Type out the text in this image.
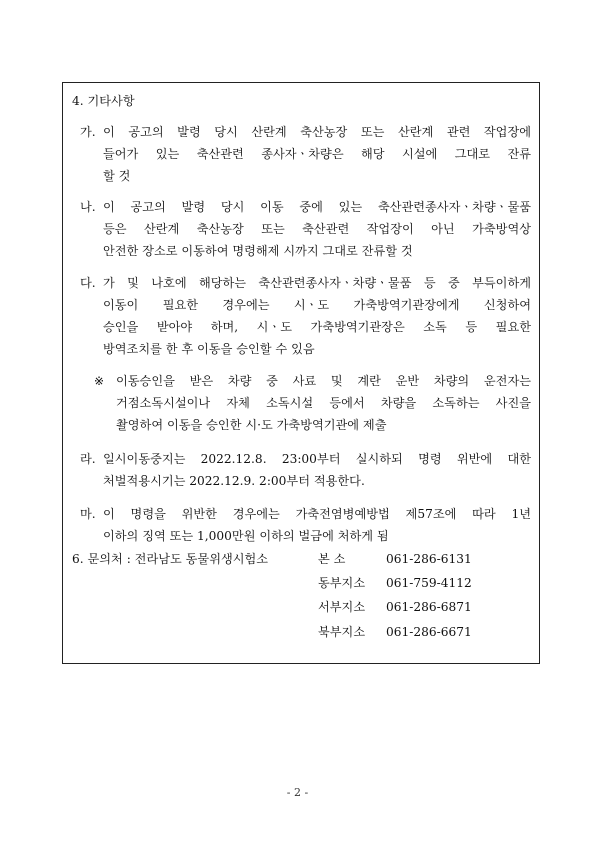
4. 기타사항
가. 이 공고의 발령 당시 산란계 축산농장 또는 산란계 관련 작업장에
들어가 있는 축산관련 종사자ㆍ차량은 해당 시설에 그대로 잔류
할 것
나. 이 공고의 발령 당시 이동 중에 있는 축산관련종사자ㆍ차량ㆍ물품
등은 산란계 축산농장 또는 축산관련 작업장이 아닌 가축방역상
안전한 장소로 이동하여 명령해제 시까지 그대로 잔류할 것
다. 가 및 나호에 해당하는 축산관련종사자ㆍ차량ㆍ물품 등 중 부득이하게
이동이 필요한 경우에는 시ㆍ도 가축방역기관장에게 신청하여
승인을 받아야 하며, 시ㆍ도 가축방역기관장은 소독 등 필요한
방역조치를 한 후 이동을 승인할 수 있음
※ 이동승인을 받은 차량 중 사료 및 계란 운반 차량의 운전자는
거점소독시설이나 자체 소독시설 등에서 차량을 소독하는 사진을
촬영하여 이동을 승인한 시·도 가축방역기관에 제출
라. 일시이동중지는 2022.12.8. 23:00부터 실시하되 명령 위반에 대한
처벌적용시기는 2022.12.9. 2:00부터 적용한다.
마. 이 명령을 위반한 경우에는 가축전염병예방법 제57조에 따라 1년
이하의 징역 또는 1,000만원 이하의 벌금에 처하게 됨
6. 문의처 : 전라남도 동물위생시험소	본 소	061-286-6131
동부지소 061-759-4112
서부지소 061-286-6871
북부지소 061-286-6671
- 2 -
